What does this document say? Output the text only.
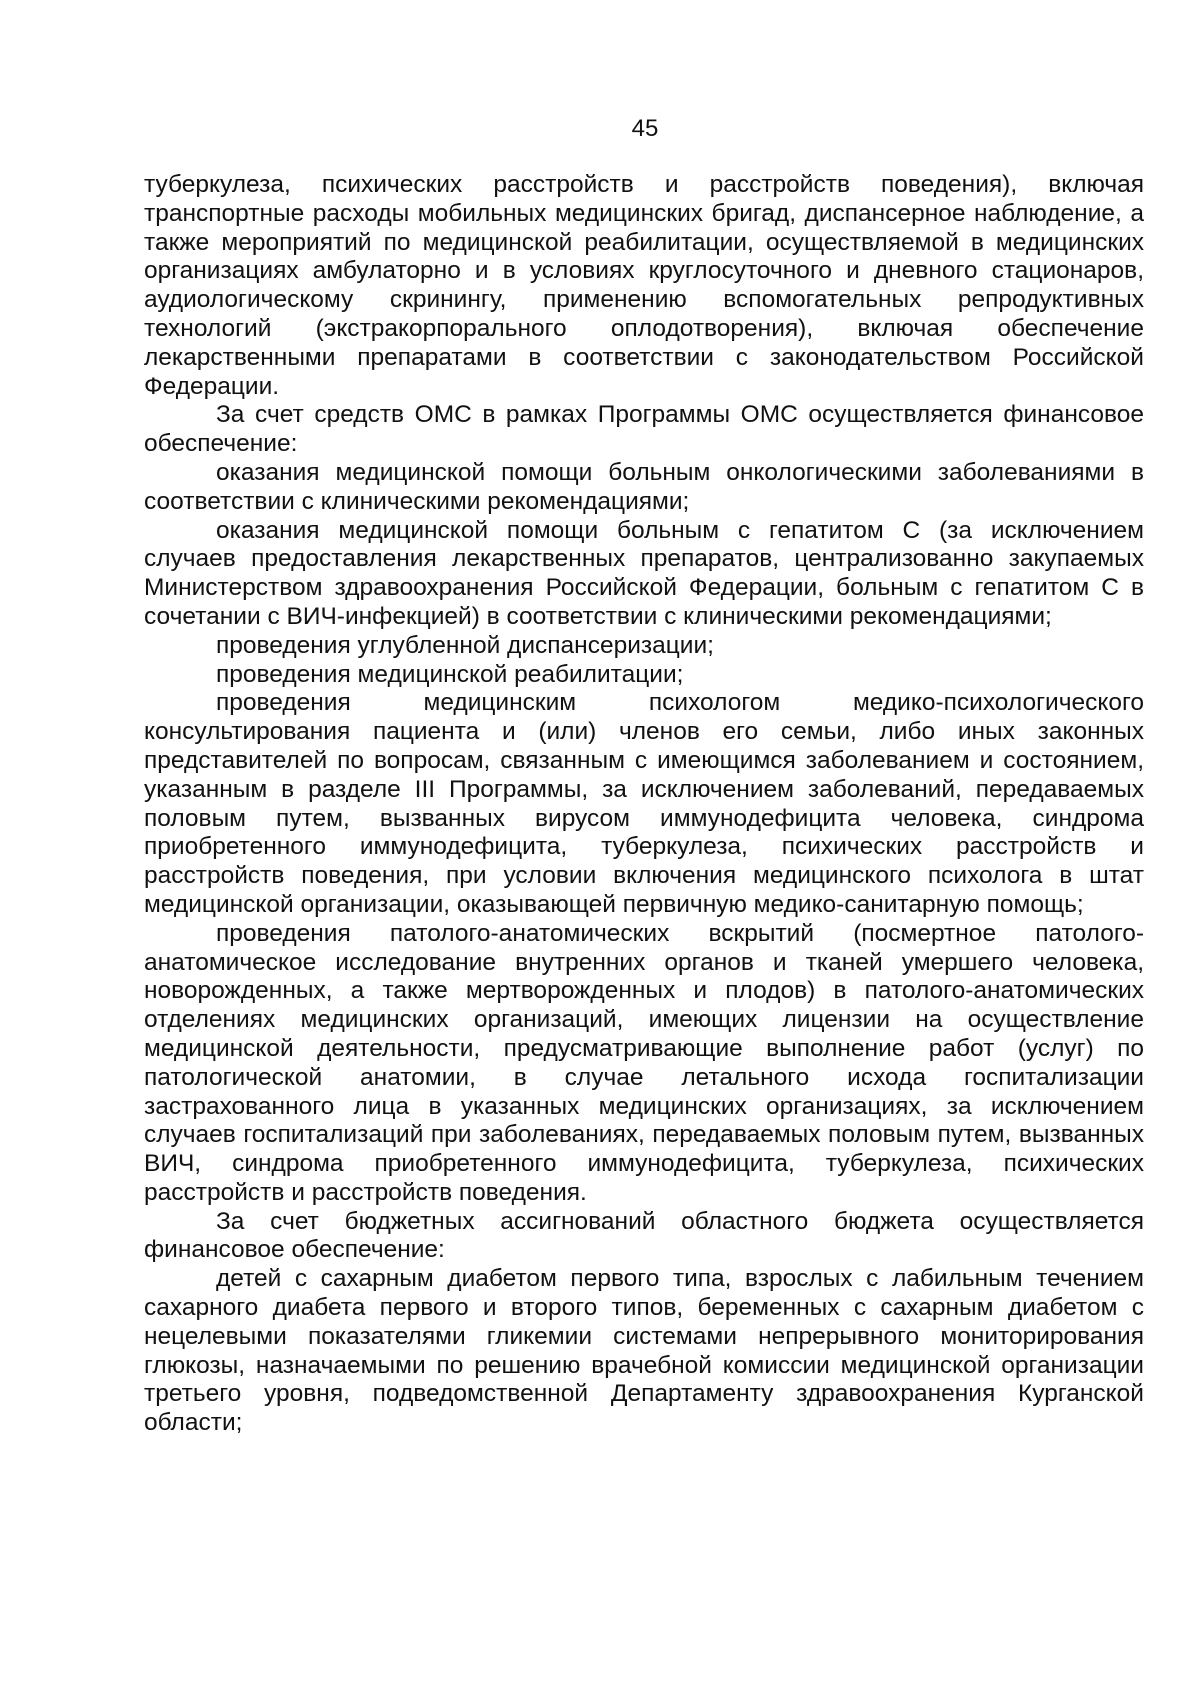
45

туберкулеза, психических расстройств и расстройств поведения), включая транспортные расходы мобильных медицинских бригад, диспансерное наблюдение, а также мероприятий по медицинской реабилитации, осуществляемой в медицинских организациях амбулаторно и в условиях круглосуточного и дневного стационаров, аудиологическому скринингу, применению вспомогательных репродуктивных технологий (экстракорпорального оплодотворения), включая обеспечение лекарственными препаратами в соответствии с законодательством Российской Федерации.

За счет средств ОМС в рамках Программы ОМС осуществляется финансовое обеспечение:

оказания медицинской помощи больным онкологическими заболеваниями в соответствии с клиническими рекомендациями;

оказания медицинской помощи больным с гепатитом С (за исключением случаев предоставления лекарственных препаратов, централизованно закупаемых Министерством здравоохранения Российской Федерации, больным с гепатитом С в сочетании с ВИЧ-инфекцией) в соответствии с клиническими рекомендациями;

проведения углубленной диспансеризации;

проведения медицинской реабилитации;

проведения медицинским психологом медико-психологического консультирования пациента и (или) членов его семьи, либо иных законных представителей по вопросам, связанным с имеющимся заболеванием и состоянием, указанным в разделе III Программы, за исключением заболеваний, передаваемых половым путем, вызванных вирусом иммунодефицита человека, синдрома приобретенного иммунодефицита, туберкулеза, психических расстройств и расстройств поведения, при условии включения медицинского психолога в штат медицинской организации, оказывающей первичную медико-санитарную помощь;

проведения патолого-анатомических вскрытий (посмертное патолого-анатомическое исследование внутренних органов и тканей умершего человека, новорожденных, а также мертворожденных и плодов) в патолого-анатомических отделениях медицинских организаций, имеющих лицензии на осуществление медицинской деятельности, предусматривающие выполнение работ (услуг) по патологической анатомии, в случае летального исхода госпитализации застрахованного лица в указанных медицинских организациях, за исключением случаев госпитализаций при заболеваниях, передаваемых половым путем, вызванных ВИЧ, синдрома приобретенного иммунодефицита, туберкулеза, психических расстройств и расстройств поведения.

За счет бюджетных ассигнований областного бюджета осуществляется финансовое обеспечение:

детей с сахарным диабетом первого типа, взрослых с лабильным течением сахарного диабета первого и второго типов, беременных с сахарным диабетом с нецелевыми показателями гликемии системами непрерывного мониторирования глюкозы, назначаемыми по решению врачебной комиссии медицинской организации третьего уровня, подведомственной Департаменту здравоохранения Курганской области;
